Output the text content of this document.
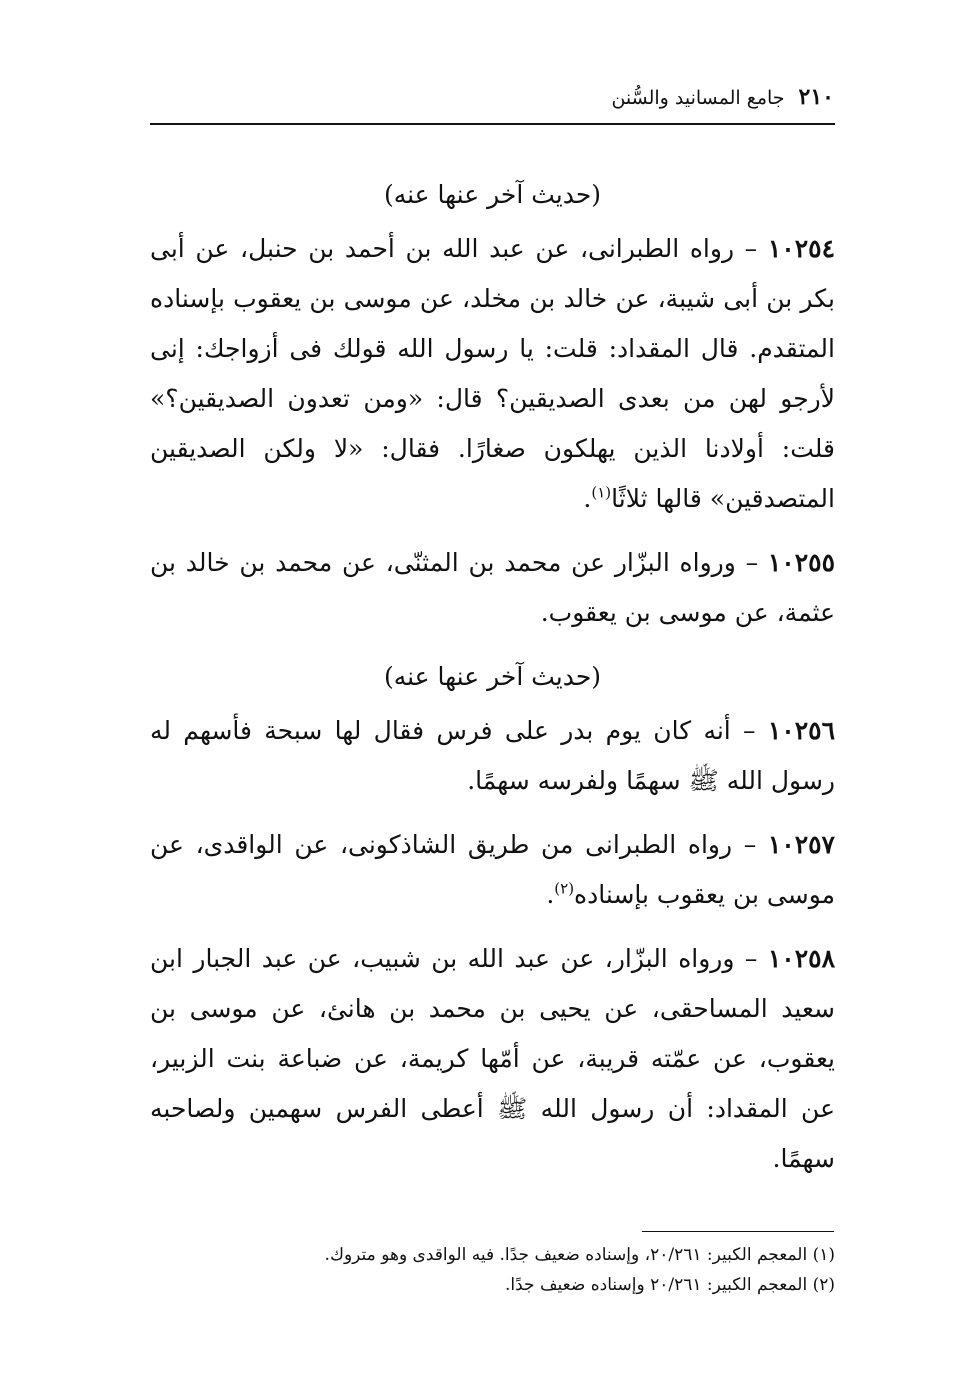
٢١٠
جامع المسانيد والسُّنن
(حديث آخر عنها عنه)

١٠٢٥٤ – رواه الطبرانى، عن عبد الله بن أحمد بن حنبل، عن أبى بكر بن أبى شيبة، عن خالد بن مخلد، عن موسى بن يعقوب بإسناده المتقدم. قال المقداد: قلت: يا رسول الله قولك فى أزواجك: إنى لأرجو لهن من بعدى الصديقين؟ قال: «ومن تعدون الصديقين؟» قلت: أولادنا الذين يهلكون صغارًا. فقال: «لا ولكن الصديقين المتصدقين» قالها ثلاثًا$^{(١)}$.

١٠٢٥٥ – ورواه البزّار عن محمد بن المثنّى، عن محمد بن خالد بن عثمة، عن موسى بن يعقوب.

(حديث آخر عنها عنه)

١٠٢٥٦ – أنه كان يوم بدر على فرس فقال لها سبحة فأسهم له رسول الله ﷺ سهمًا ولفرسه سهمًا.

١٠٢٥٧ – رواه الطبرانى من طريق الشاذكونى، عن الواقدى، عن موسى بن يعقوب بإسناده$^{(٢)}$.

١٠٢٥٨ – ورواه البزّار، عن عبد الله بن شبيب، عن عبد الجبار ابن سعيد المساحقى، عن يحيى بن محمد بن هانئ، عن موسى بن يعقوب، عن عمّته قريبة، عن أمّها كريمة، عن ضباعة بنت الزبير، عن المقداد: أن رسول الله ﷺ أعطى الفرس سهمين ولصاحبه سهمًا.

(١) المعجم الكبير: ٢٠/٢٦١، وإسناده ضعيف جدًا. فيه الواقدى وهو متروك.

(٢) المعجم الكبير: ٢٠/٢٦١ وإسناده ضعيف جدًا.
